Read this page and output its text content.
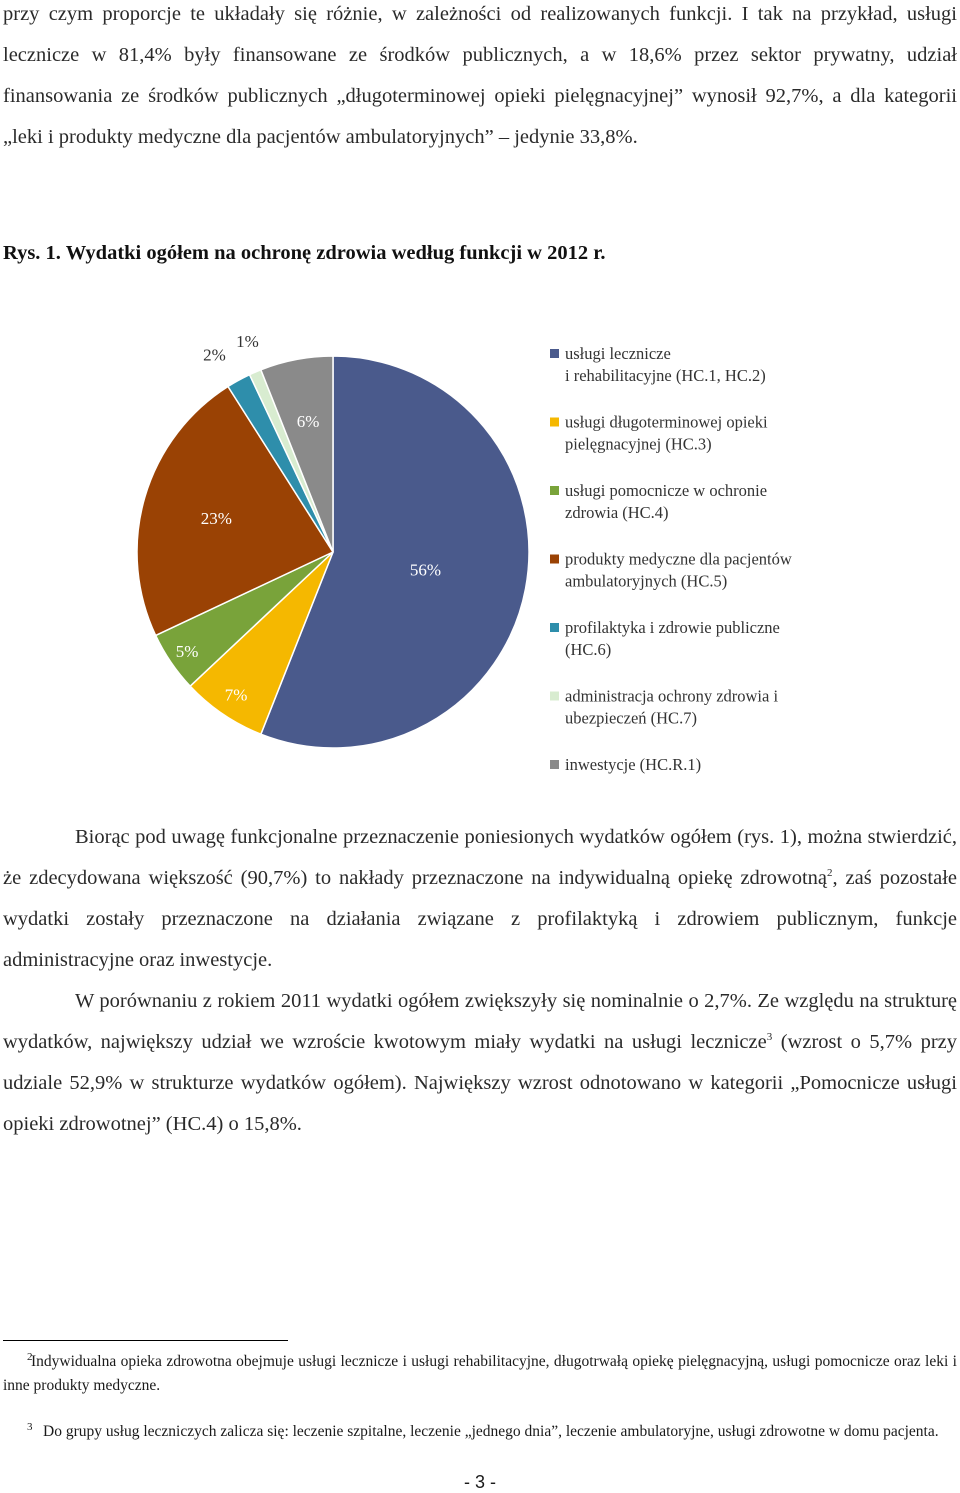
przy czym proporcje te układały się różnie, w zależności od realizowanych funkcji. I tak na przykład, usługi lecznicze w 81,4% były finansowane ze środków publicznych, a w 18,6% przez sektor prywatny, udział finansowania ze środków publicznych „długoterminowej opieki pielęgnacyjnej” wynosił 92,7%, a dla kategorii „leki i produkty medyczne dla pacjentów ambulatoryjnych” – jedynie 33,8%.

Rys. 1. Wydatki ogółem na ochronę zdrowia według funkcji w 2012 r.

56%
7%
5%
23%
2%
1%
6%
usługi lecznicze i rehabilitacyjne (HC.1, HC.2)
usługi długoterminowej opieki pielęgnacyjnej (HC.3)
usługi pomocnicze w ochronie zdrowia (HC.4)
produkty medyczne dla pacjentów ambulatoryjnych (HC.5)
profilaktyka i zdrowie publiczne (HC.6)
administracja ochrony zdrowia i ubezpieczeń (HC.7)
inwestycje (HC.R.1)

Biorąc pod uwagę funkcjonalne przeznaczenie poniesionych wydatków ogółem (rys. 1), można stwierdzić, że zdecydowana większość (90,7%) to nakłady przeznaczone na indywidualną opiekę zdrowotną$^2$, zaś pozostałe wydatki zostały przeznaczone na działania związane z profilaktyką i zdrowiem publicznym, funkcje administracyjne oraz inwestycje.

W porównaniu z rokiem 2011 wydatki ogółem zwiększyły się nominalnie o 2,7%. Ze względu na strukturę wydatków, największy udział we wzroście kwotowym miały wydatki na usługi lecznicze$^3$ (wzrost o 5,7% przy udziale 52,9% w strukturze wydatków ogółem). Największy wzrost odnotowano w kategorii „Pomocnicze usługi opieki zdrowotnej” (HC.4) o 15,8%.

$^2$Indywidualna opieka zdrowotna obejmuje usługi lecznicze i usługi rehabilitacyjne, długotrwałą opiekę pielęgnacyjną, usługi pomocnicze oraz leki i inne produkty medyczne.

$^3$ Do grupy usług leczniczych zalicza się: leczenie szpitalne, leczenie „jednego dnia”, leczenie ambulatoryjne, usługi zdrowotne w domu pacjenta.

- 3 -
